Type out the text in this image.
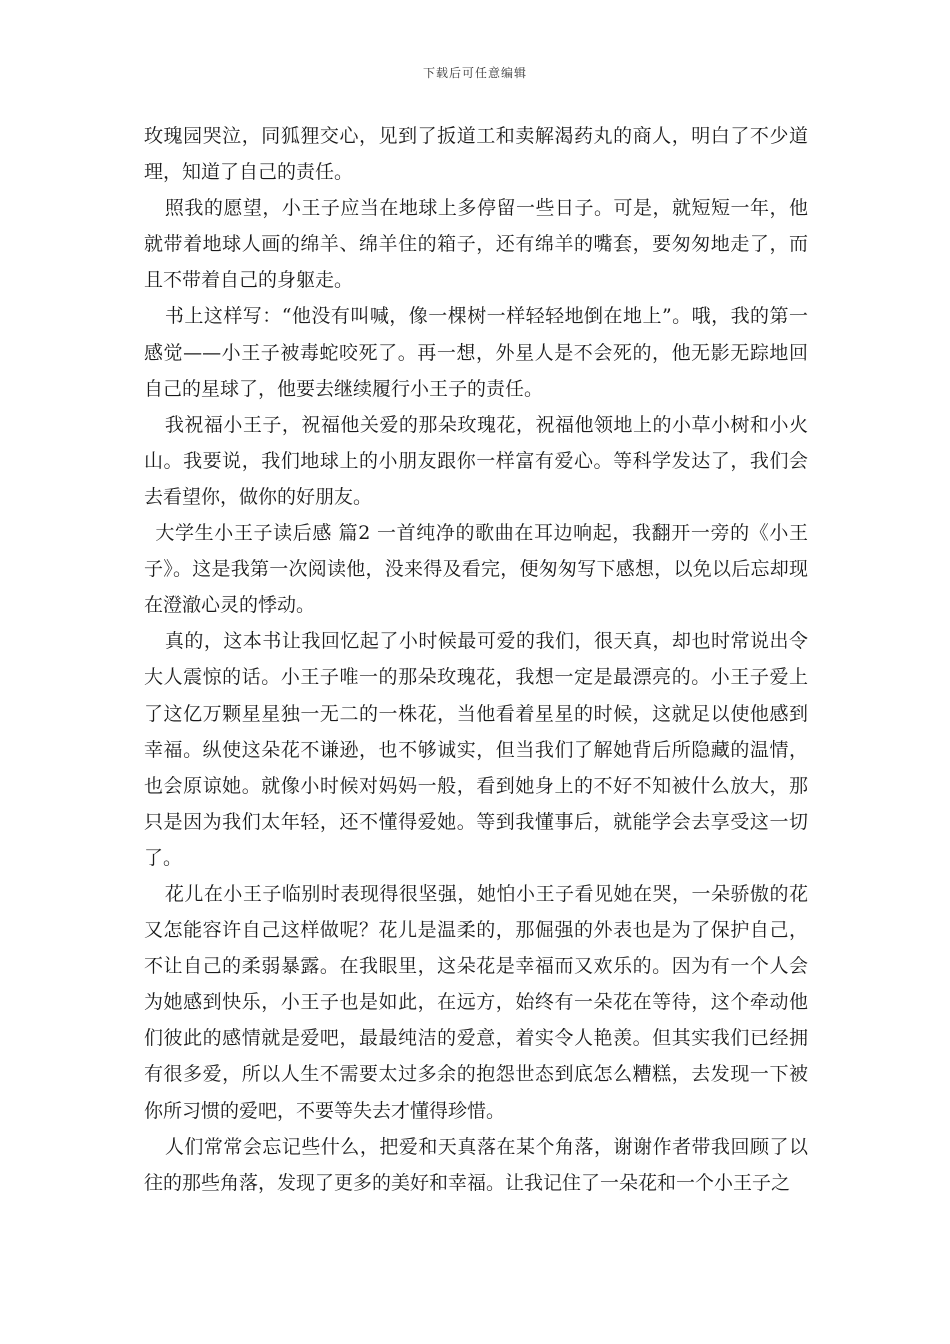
下载后可任意编辑

玫瑰园哭泣，同狐狸交心，见到了扳道工和卖解渴药丸的商人，明白了不少道理，知道了自己的责任。

照我的愿望，小王子应当在地球上多停留一些日子。可是，就短短一年，他就带着地球人画的绵羊、绵羊住的箱子，还有绵羊的嘴套，要匆匆地走了，而且不带着自己的身躯走。

书上这样写：“他没有叫喊，像一棵树一样轻轻地倒在地上”。哦，我的第一感觉——小王子被毒蛇咬死了。再一想，外星人是不会死的，他无影无踪地回自己的星球了，他要去继续履行小王子的责任。

我祝福小王子，祝福他关爱的那朵玫瑰花，祝福他领地上的小草小树和小火山。我要说，我们地球上的小朋友跟你一样富有爱心。等科学发达了，我们会去看望你，做你的好朋友。

大学生小王子读后感 篇2 一首纯净的歌曲在耳边响起，我翻开一旁的《小王子》。这是我第一次阅读他，没来得及看完，便匆匆写下感想，以免以后忘却现在澄澈心灵的悸动。

真的，这本书让我回忆起了小时候最可爱的我们，很天真，却也时常说出令大人震惊的话。小王子唯一的那朵玫瑰花，我想一定是最漂亮的。小王子爱上了这亿万颗星星独一无二的一株花，当他看着星星的时候，这就足以使他感到幸福。纵使这朵花不谦逊，也不够诚实，但当我们了解她背后所隐藏的温情，也会原谅她。就像小时候对妈妈一般，看到她身上的不好不知被什么放大，那只是因为我们太年轻，还不懂得爱她。等到我懂事后，就能学会去享受这一切了。

花儿在小王子临别时表现得很坚强，她怕小王子看见她在哭，一朵骄傲的花又怎能容许自己这样做呢？花儿是温柔的，那倔强的外表也是为了保护自己，不让自己的柔弱暴露。在我眼里，这朵花是幸福而又欢乐的。因为有一个人会为她感到快乐，小王子也是如此，在远方，始终有一朵花在等待，这个牵动他们彼此的感情就是爱吧，最最纯洁的爱意，着实令人艳羡。但其实我们已经拥有很多爱，所以人生不需要太过多余的抱怨世态到底怎么糟糕，去发现一下被你所习惯的爱吧，不要等失去才懂得珍惜。

人们常常会忘记些什么，把爱和天真落在某个角落，谢谢作者带我回顾了以往的那些角落，发现了更多的美好和幸福。让我记住了一朵花和一个小王子之
